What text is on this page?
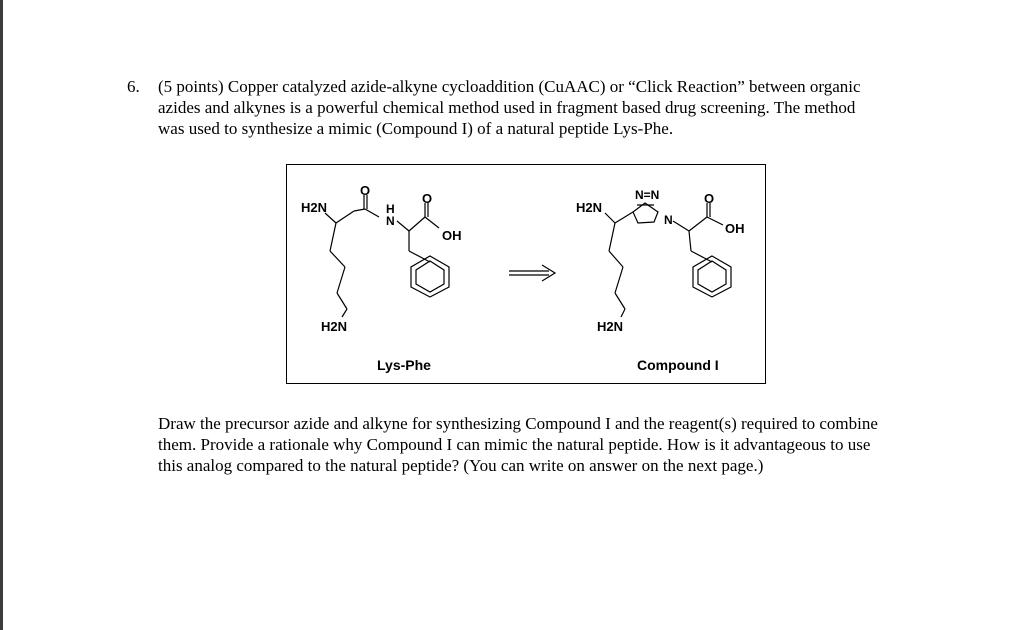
6. (5 points) Copper catalyzed azide-alkyne cycloaddition (CuAAC) or “Click Reaction” between organic

azides and alkynes is a powerful chemical method used in fragment based drug screening. The method

was used to synthesize a mimic (Compound I) of a natural peptide Lys-Phe.

H2N
O
H
N
O
OH
H2N
Lys-Phe
H2N
N=N
N
O
OH
H2N
Compound I

Draw the precursor azide and alkyne for synthesizing Compound I and the reagent(s) required to combine

them. Provide a rationale why Compound I can mimic the natural peptide. How is it advantageous to use

this analog compared to the natural peptide? (You can write on answer on the next page.)
